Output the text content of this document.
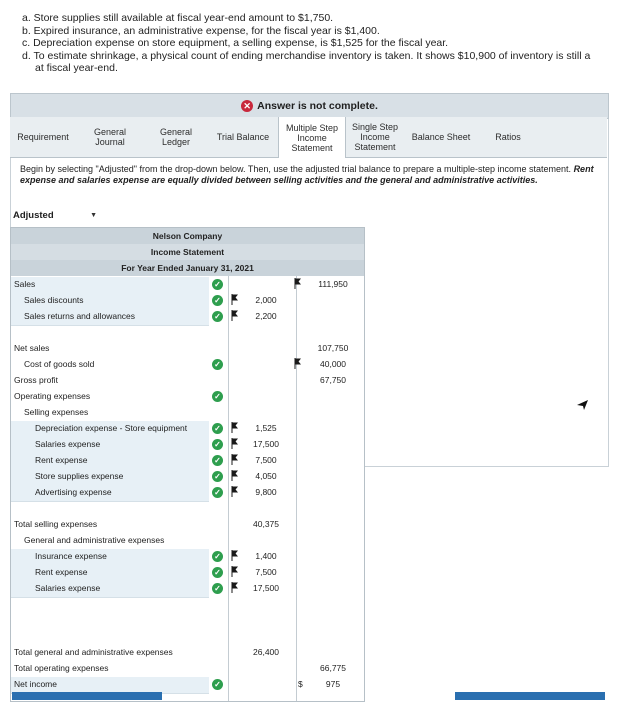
a. Store supplies still available at fiscal year-end amount to $1,750.
b. Expired insurance, an administrative expense, for the fiscal year is $1,400.
c. Depreciation expense on store equipment, a selling expense, is $1,525 for the fiscal year.
d. To estimate shrinkage, a physical count of ending merchandise inventory is taken. It shows $10,900 of inventory is still a
at fiscal year-end.
✕ Answer is not complete.
Requirement	General Journal
General Ledger	Trial Balance
Multiple Step Income Statement
Single Step Income Statement
Balance Sheet	Ratios
Begin by selecting "Adjusted" from the drop-down below. Then, use the adjusted trial balance to prepare a multiple-step income statement. Rent expense and salaries expense are equally divided between selling activities and the general and administrative activities.
Adjusted	▼
Nelson Company
Income Statement
For Year Ended January 31, 2021
Sales	✓	111,950
Sales discounts	✓	2,000
Sales returns and allowances	✓	2,200
Net sales	107,750
Cost of goods sold	✓	40,000
Gross profit	67,750
Operating expenses	✓
Selling expenses
Depreciation expense - Store equipment	✓	1,525
Salaries expense	✓	17,500
Rent expense	✓	7,500
Store supplies expense	✓	4,050
Advertising expense	✓	9,800
Total selling expenses	40,375
General and administrative expenses
Insurance expense	✓	1,400
Rent expense	✓	7,500
Salaries expense	✓	17,500
Total general and administrative expenses	26,400
Total operating expenses	66,775
Net income	✓	$	975
